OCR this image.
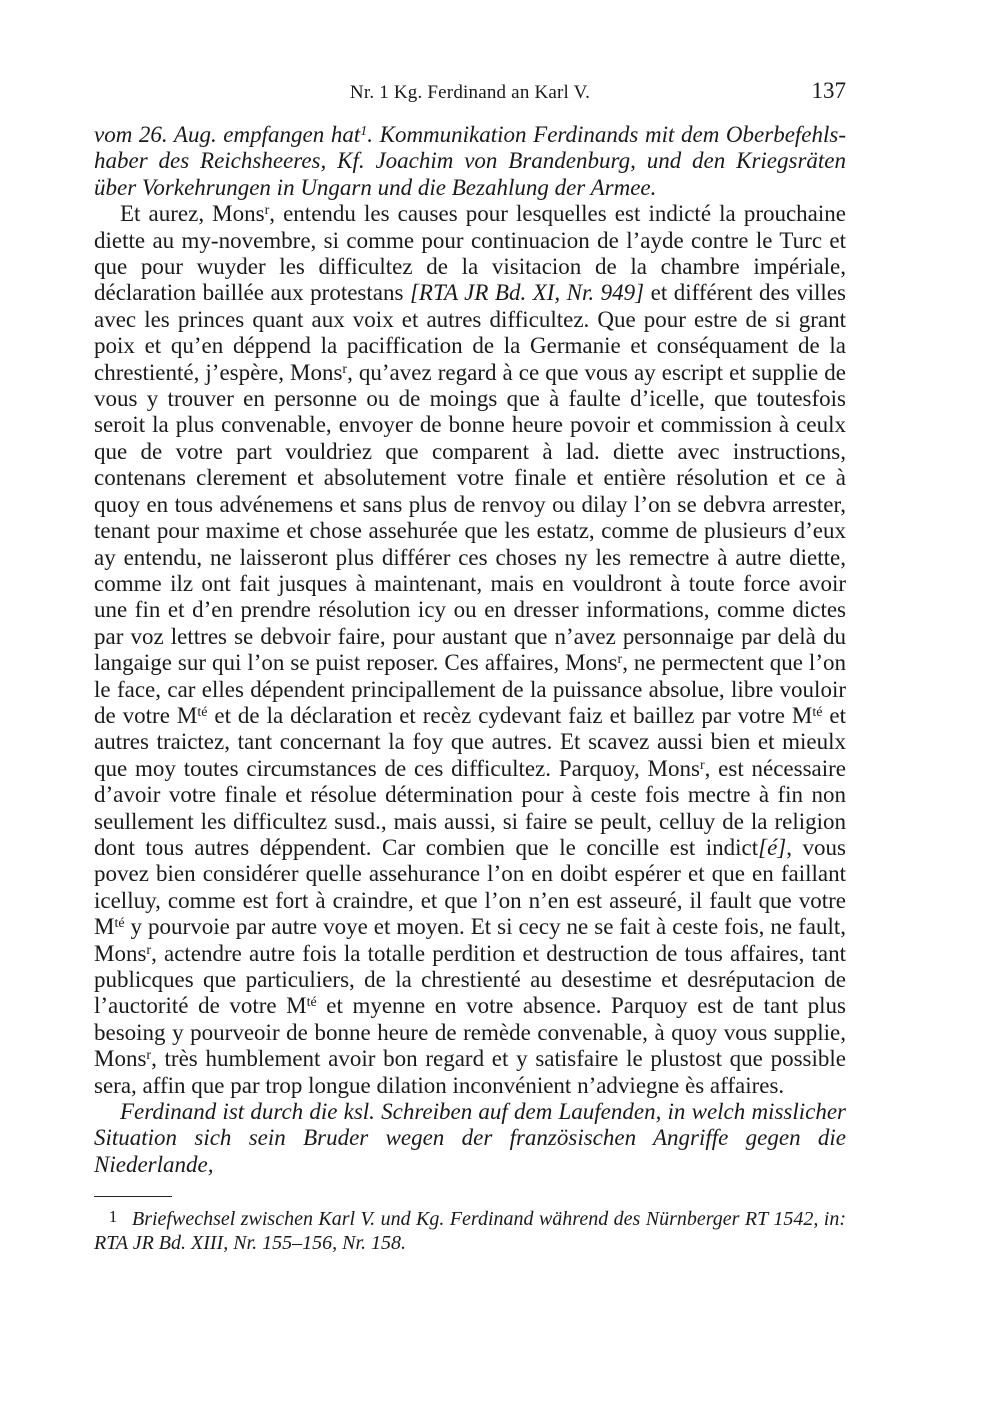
Nr. 1 Kg. Ferdinand an Karl V.	137

vom 26. Aug. empfangen hat$^1$. Kommunikation Ferdinands mit dem Oberbefehls-haber des Reichsheeres, Kf. Joachim von Brandenburg, und den Kriegsräten über Vorkehrungen in Ungarn und die Bezahlung der Armee.

Et aurez, Mons$^r$, entendu les causes pour lesquelles est indicté la prouchaine diette au my-novembre, si comme pour continuacion de l’ayde contre le Turc et que pour wuyder les difficultez de la visitacion de la chambre impériale, déclaration baillée aux protestans [RTA JR Bd. XI, Nr. 949] et différent des villes avec les princes quant aux voix et autres difficultez. Que pour estre de si grant poix et qu’en déppend la paciffication de la Germanie et conséquament de la chrestienté, j’espère, Mons$^r$, qu’avez regard à ce que vous ay escript et supplie de vous y trouver en personne ou de moings que à faulte d’icelle, que toutesfois seroit la plus convenable, envoyer de bonne heure povoir et commission à ceulx que de votre part vouldriez que comparent à lad. diette avec instructions, contenans clerement et absolutement votre finale et entière résolution et ce à quoy en tous advénemens et sans plus de renvoy ou dilay l’on se debvra arrester, tenant pour maxime et chose assehurée que les estatz, comme de plusieurs d’eux ay entendu, ne laisseront plus différer ces choses ny les remectre à autre diette, comme ilz ont fait jusques à maintenant, mais en vouldront à toute force avoir une fin et d’en prendre résolution icy ou en dresser informations, comme dictes par voz lettres se debvoir faire, pour austant que n’avez personnaige par delà du langaige sur qui l’on se puist reposer. Ces affaires, Mons$^r$, ne permectent que l’on le face, car elles dépendent principallement de la puissance absolue, libre vouloir de votre $M^{té}$ et de la déclaration et recèz cydevant faiz et baillez par votre $M^{té}$ et autres traictez, tant concernant la foy que autres. Et scavez aussi bien et mieulx que moy toutes circumstances de ces difficultez. Parquoy, Mons$^r$, est nécessaire d’avoir votre finale et résolue détermination pour à ceste fois mectre à fin non seullement les difficultez susd., mais aussi, si faire se peult, celluy de la religion dont tous autres déppendent. Car combien que le concille est indict[é], vous povez bien considérer quelle assehurance l’on en doibt espérer et que en faillant icelluy, comme est fort à craindre, et que l’on n’en est asseuré, il fault que votre $M^{té}$ y pourvoie par autre voye et moyen. Et si cecy ne se fait à ceste fois, ne fault, Mons$^r$, actendre autre fois la totalle perdition et destruction de tous affaires, tant publicques que particuliers, de la chrestienté au desestime et desréputacion de l’auctorité de votre $M^{té}$ et myenne en votre absence. Parquoy est de tant plus besoing y pourveoir de bonne heure de remède convenable, à quoy vous supplie, Mons$^r$, très humblement avoir bon regard et y satisfaire le plustost que possible sera, affin que par trop longue dilation inconvénient n’adviegne ès affaires.

Ferdinand ist durch die ksl. Schreiben auf dem Laufenden, in welch misslicher Situation sich sein Bruder wegen der französischen Angriffe gegen die Niederlande,

1 Briefwechsel zwischen Karl V. und Kg. Ferdinand während des Nürnberger RT 1542, in: RTA JR Bd. XIII, Nr. 155–156, Nr. 158.
